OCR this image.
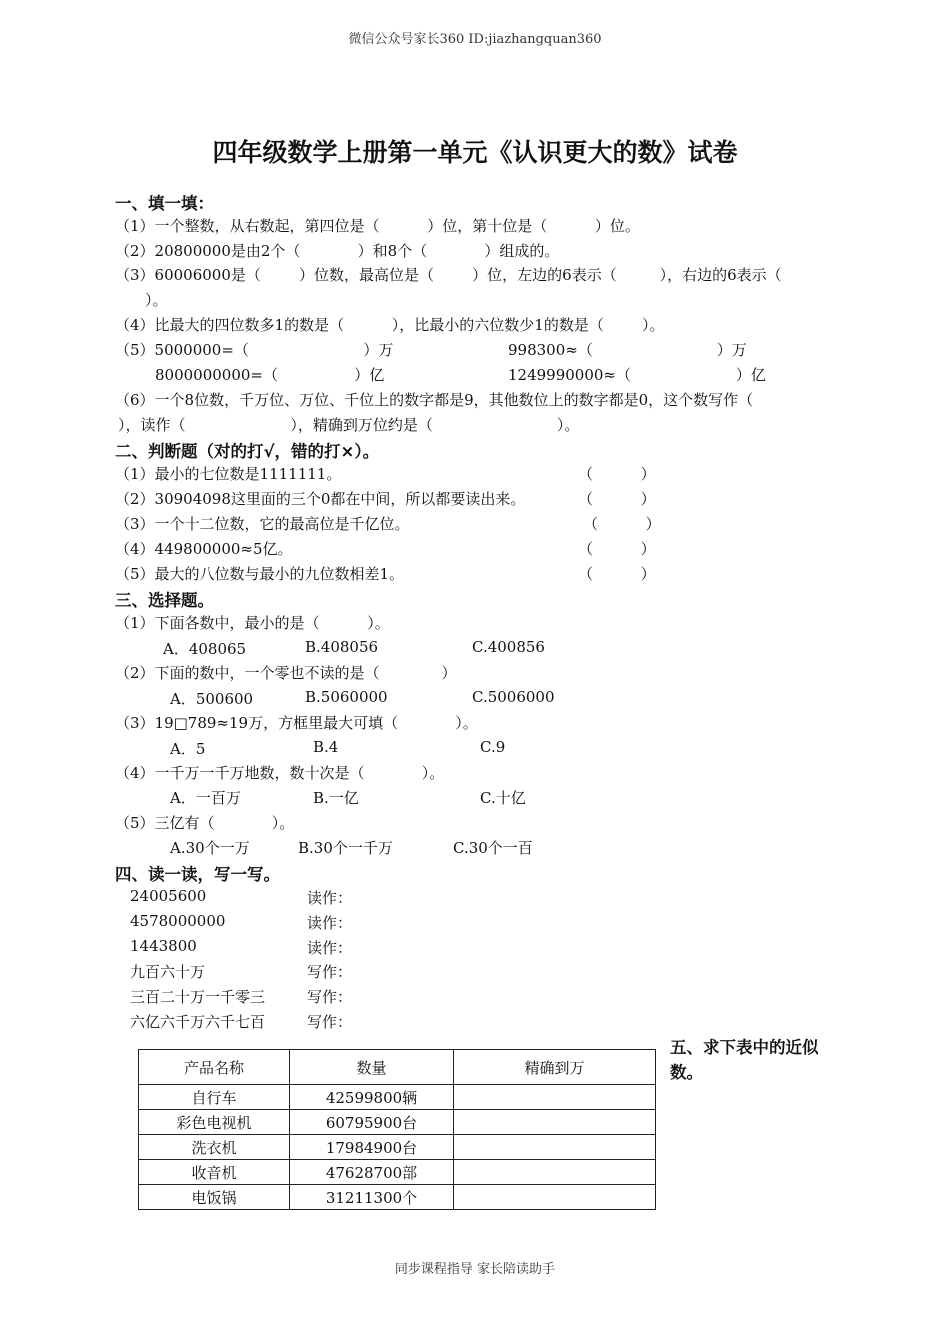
微信公众号家长360 ID:jiazhangquan360
四年级数学上册第一单元《认识更大的数》试卷
一、填一填：
（1）一个整数，从右数起，第四位是（          ）位，第十位是（          ）位。
（2）20800000是由2个（            ）和8个（            ）组成的。
（3）60006000是（        ）位数，最高位是（        ）位，左边的6表示（         ），右边的6表示（
）。
（4）比最大的四位数多1的数是（          ），比最小的六位数少1的数是（        ）。
（5）5000000=（                        ）万	998300≈（                          ）万
8000000000=（                ）亿	1249990000≈（                      ）亿
（6）一个8位数，千万位、万位、千位上的数字都是9，其他数位上的数字都是0，这个数写作（
），读作（                      ），精确到万位约是（                          ）。
二、判断题（对的打√，错的打×）。
（1）最小的七位数是1111111。	（          ）
（2）30904098这里面的三个0都在中间，所以都要读出来。	（          ）
（3）一个十二位数，它的最高位是千亿位。	（          ）
（4）449800000≈5亿。	（          ）
（5）最大的八位数与最小的九位数相差1。	（          ）
三、选择题。
（1）下面各数中，最小的是（          ）。
A．408065	B.408056	C.400856
（2）下面的数中，一个零也不读的是（             ）
A．500600	B.5060000	C.5006000
（3）19□789≈19万，方框里最大可填（            ）。
A．5	B.4	C.9
（4）一千万一千万地数，数十次是（            ）。
A．一百万	B.一亿	C.十亿
（5）三亿有（            ）。
A.30个一万	B.30个一千万	C.30个一百
四、读一读，写一写。
24005600	读作：
4578000000	读作：
1443800	读作：
九百六十万	写作：
三百二十万一千零三	写作：
六亿六千万六千七百	写作：
产品名称	数量	精确到万
自行车	42599800辆	
彩色电视机	60795900台	
洗衣机	17984900台	
收音机	47628700部	
电饭锅	31211300个	
五、求下表中的近似数。
同步课程指导 家长陪读助手
